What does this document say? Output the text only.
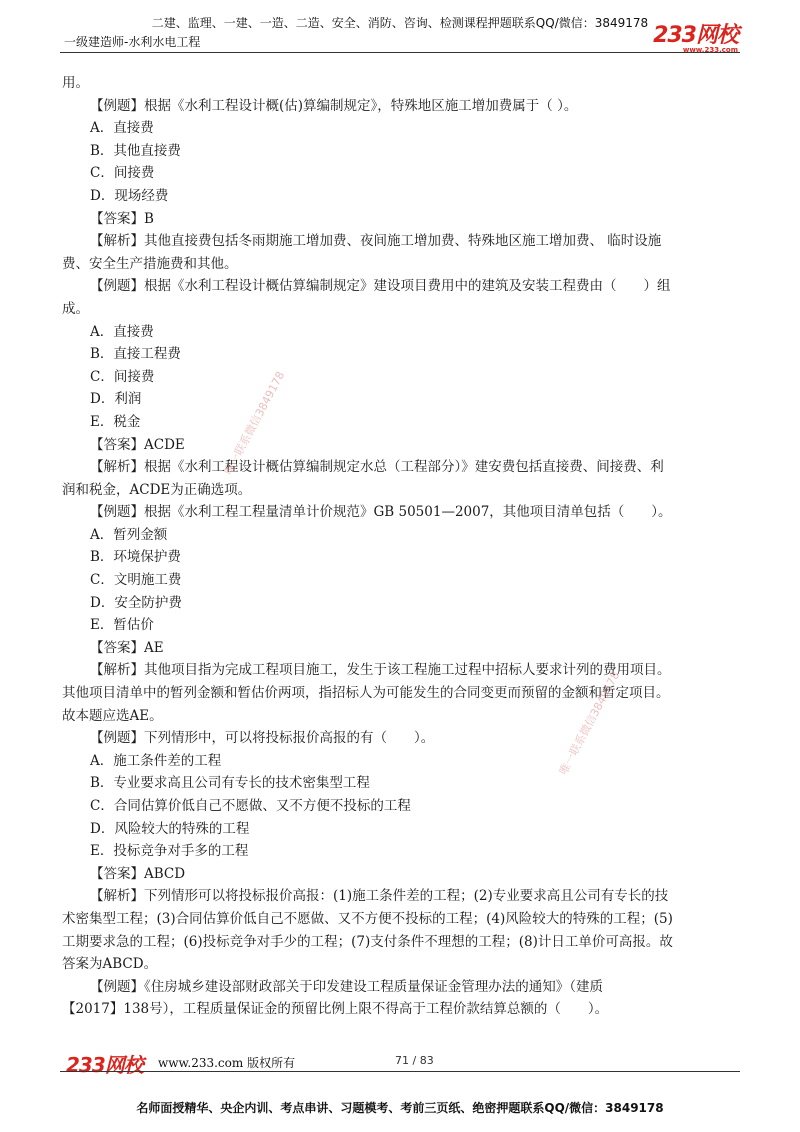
二建、监理、一建、一造、二造、安全、消防、咨询、检测课程押题联系QQ/微信：3849178
一级建造师-水利水电工程	233网校
www.233.com
用。
【例题】根据《水利工程设计概(估)算编制规定》，特殊地区施工增加费属于（ ）。
A．直接费
B．其他直接费
C．间接费
D．现场经费
【答案】B
【解析】其他直接费包括冬雨期施工增加费、夜间施工增加费、特殊地区施工增加费、 临时设施
费、安全生产措施费和其他。
【例题】根据《水利工程设计概估算编制规定》建设项目费用中的建筑及安装工程费由（　　）组
成。
A．直接费
B．直接工程费
C．间接费
D．利润
E．税金
【答案】ACDE
【解析】根据《水利工程设计概估算编制规定水总（工程部分）》建安费包括直接费、间接费、利
润和税金，ACDE为正确选项。
【例题】根据《水利工程工程量清单计价规范》GB 50501—2007，其他项目清单包括（　　）。
A．暂列金额
B．环境保护费
C．文明施工费
D．安全防护费
E．暂估价
【答案】AE
【解析】其他项目指为完成工程项目施工，发生于该工程施工过程中招标人要求计列的费用项目。
其他项目清单中的暂列金额和暂估价两项，指招标人为可能发生的合同变更而预留的金额和暂定项目。
故本题应选AE。
【例题】下列情形中，可以将投标报价高报的有（　　）。
A．施工条件差的工程
B．专业要求高且公司有专长的技术密集型工程
C．合同估算价低自己不愿做、又不方便不投标的工程
D．风险较大的特殊的工程
E．投标竞争对手多的工程
【答案】ABCD
【解析】下列情形可以将投标报价高报：(1)施工条件差的工程；(2)专业要求高且公司有专长的技
术密集型工程；(3)合同估算价低自己不愿做、又不方便不投标的工程；(4)风险较大的特殊的工程；(5)
工期要求急的工程；(6)投标竞争对手少的工程；(7)支付条件不理想的工程；(8)计日工单价可高报。故
答案为ABCD。
【例题】《住房城乡建设部财政部关于印发建设工程质量保证金管理办法的通知》（建质
【2017】138号），工程质量保证金的预留比例上限不得高于工程价款结算总额的（　　）。
唯一联系微信3849178
唯一联系微信3849178
233网校 www.233.com 版权所有	71 / 83
名师面授精华、央企内训、考点串讲、习题模考、考前三页纸、绝密押题联系QQ/微信：3849178
